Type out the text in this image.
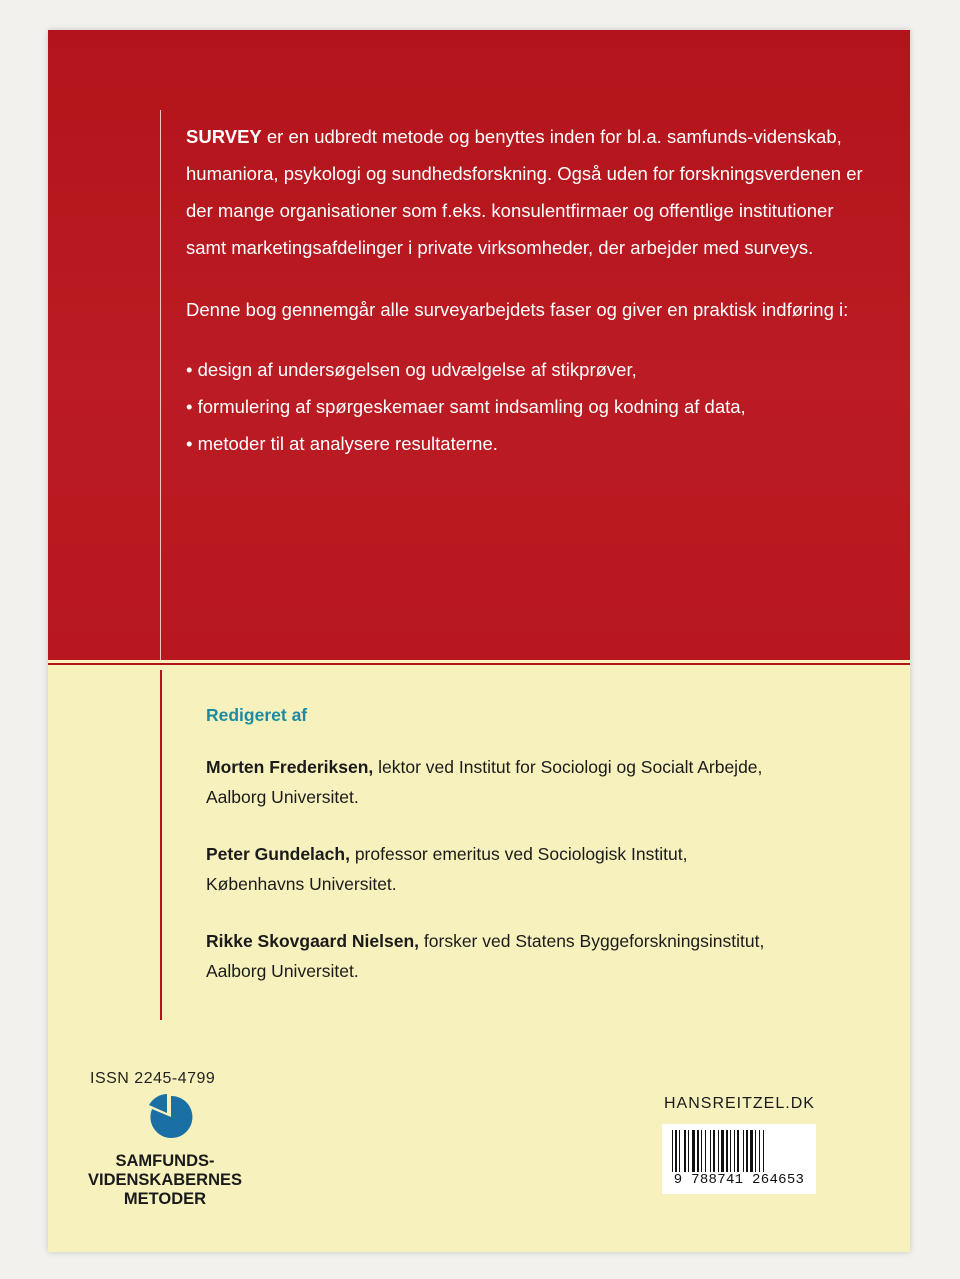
SURVEY er en udbredt metode og benyttes inden for bl.a. samfunds-videnskab, humaniora, psykologi og sundhedsforskning. Også uden for forskningsverdenen er der mange organisationer som f.eks. konsulentfirmaer og offentlige institutioner samt marketingsafdelinger i private virksomheder, der arbejder med surveys.

Denne bog gennemgår alle surveyarbejdets faser og giver en praktisk indføring i:

• design af undersøgelsen og udvælgelse af stikprøver,
• formulering af spørgeskemaer samt indsamling og kodning af data,
• metoder til at analysere resultaterne.

Redigeret af

Morten Frederiksen, lektor ved Institut for Sociologi og Socialt Arbejde,
Aalborg Universitet.

Peter Gundelach, professor emeritus ved Sociologisk Institut,
Københavns Universitet.

Rikke Skovgaard Nielsen, forsker ved Statens Byggeforskningsinstitut,
Aalborg Universitet.

ISSN 2245-4799
SAMFUNDS-
VIDENSKABERNES
METODER
HANSREITZEL.DK
9 788741 264653
